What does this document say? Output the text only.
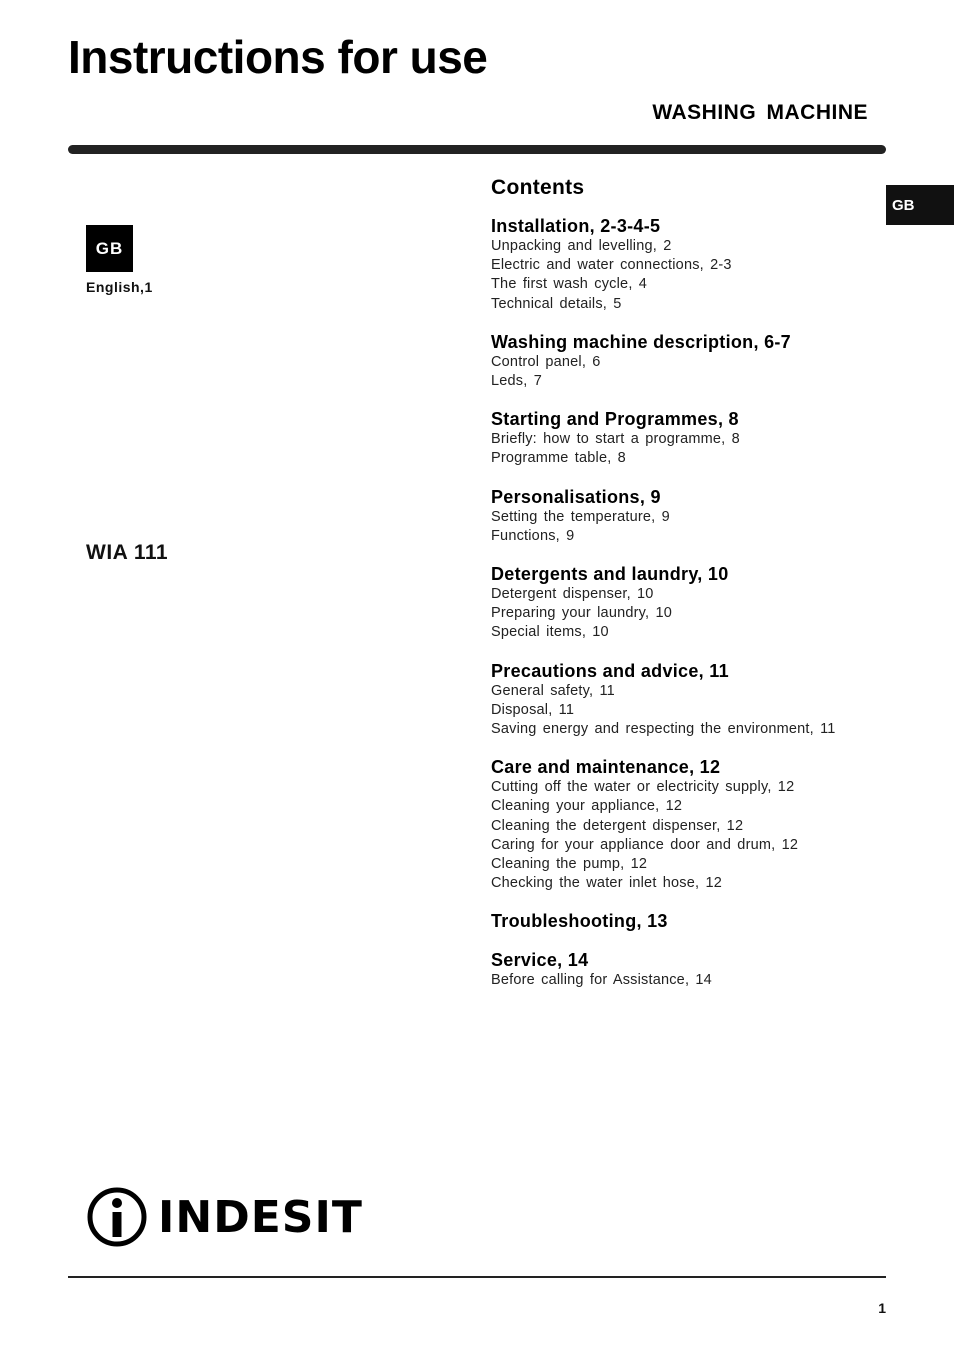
Instructions for use
WASHING MACHINE
GB
GB
English,1
WIA 111
Contents
Installation, 2-3-4-5
Unpacking and levelling, 2
Electric and water connections, 2-3
The first wash cycle, 4
Technical details, 5
Washing machine description, 6-7
Control panel, 6
Leds, 7
Starting and Programmes, 8
Briefly: how to start a programme, 8
Programme table, 8
Personalisations, 9
Setting the temperature, 9
Functions, 9
Detergents and laundry, 10
Detergent dispenser, 10
Preparing your laundry, 10
Special items, 10
Precautions and advice, 11
General safety, 11
Disposal, 11
Saving energy and respecting the environment, 11
Care and maintenance, 12
Cutting off the water or electricity supply, 12
Cleaning your appliance, 12
Cleaning the detergent dispenser, 12
Caring for your appliance door and drum, 12
Cleaning the pump, 12
Checking the water inlet hose, 12
Troubleshooting, 13
Service, 14
Before calling for Assistance, 14
INDESIT
1
